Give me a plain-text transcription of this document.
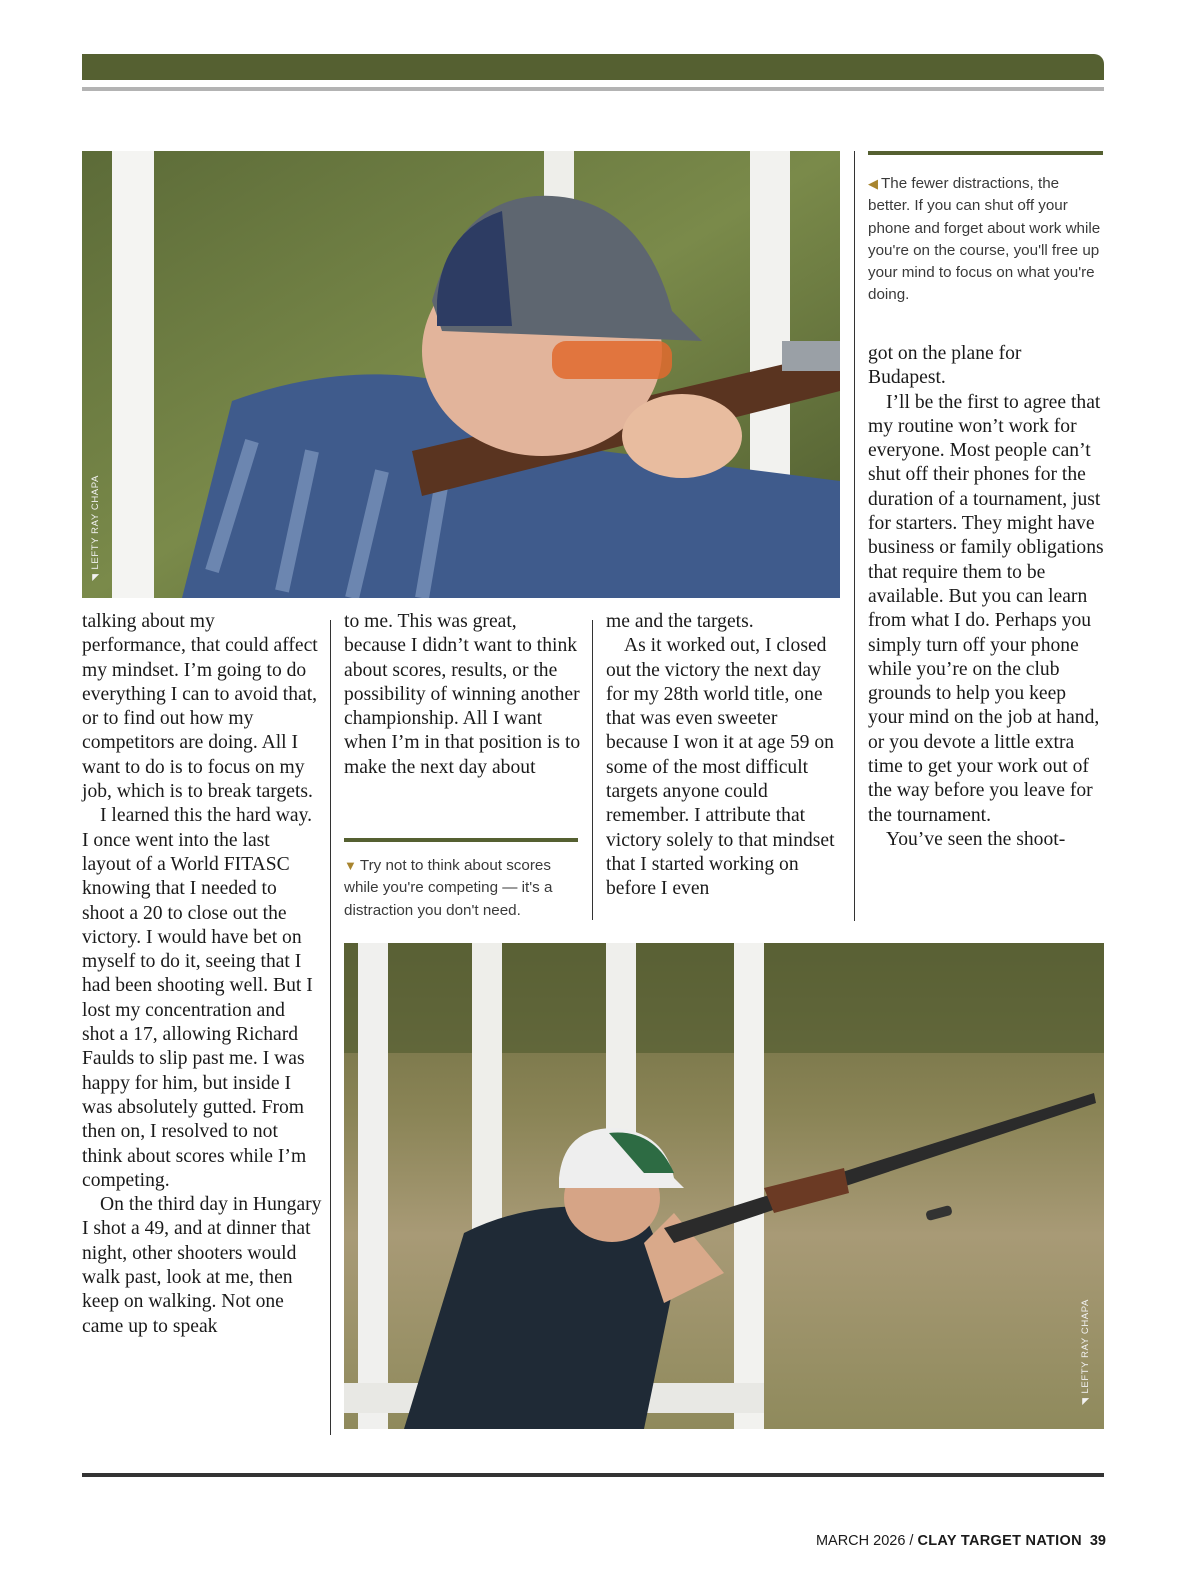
◥ LEFTY RAY CHAPA

talking about my performance, that could affect my mindset. I’m going to do everything I can to avoid that, or to find out how my competitors are doing. All I want to do is to focus on my job, which is to break targets.

I learned this the hard way. I once went into the last layout of a World FITASC knowing that I needed to shoot a 20 to close out the victory. I would have bet on myself to do it, seeing that I had been shooting well. But I lost my concentration and shot a 17, allowing Richard Faulds to slip past me. I was happy for him, but inside I was absolutely gutted. From then on, I resolved to not think about scores while I’m competing.

On the third day in Hungary I shot a 49, and at dinner that night, other shooters would walk past, look at me, then keep on walking. Not one came up to speak

to me. This was great, because I didn’t want to think about scores, results, or the possibility of winning another championship. All I want when I’m in that position is to make the next day about

▼ Try not to think about scores while you're competing — it's a distraction you don't need.

me and the targets.

As it worked out, I closed out the victory the next day for my 28th world title, one that was even sweeter because I won it at age 59 on some of the most difficult targets anyone could remember. I attribute that victory solely to that mindset that I started working on before I even

◀ The fewer distractions, the better. If you can shut off your phone and forget about work while you're on the course, you'll free up your mind to focus on what you're doing.

got on the plane for Budapest.

I’ll be the first to agree that my routine won’t work for everyone. Most people can’t shut off their phones for the duration of a tournament, just for starters. They might have business or family obligations that require them to be available. But you can learn from what I do. Perhaps you simply turn off your phone while you’re on the club grounds to help you keep your mind on the job at hand, or you devote a little extra time to get your work out of the way before you leave for the tournament.

You’ve seen the shoot-

◥ LEFTY RAY CHAPA
MARCH 2026 / CLAY TARGET NATION 39
